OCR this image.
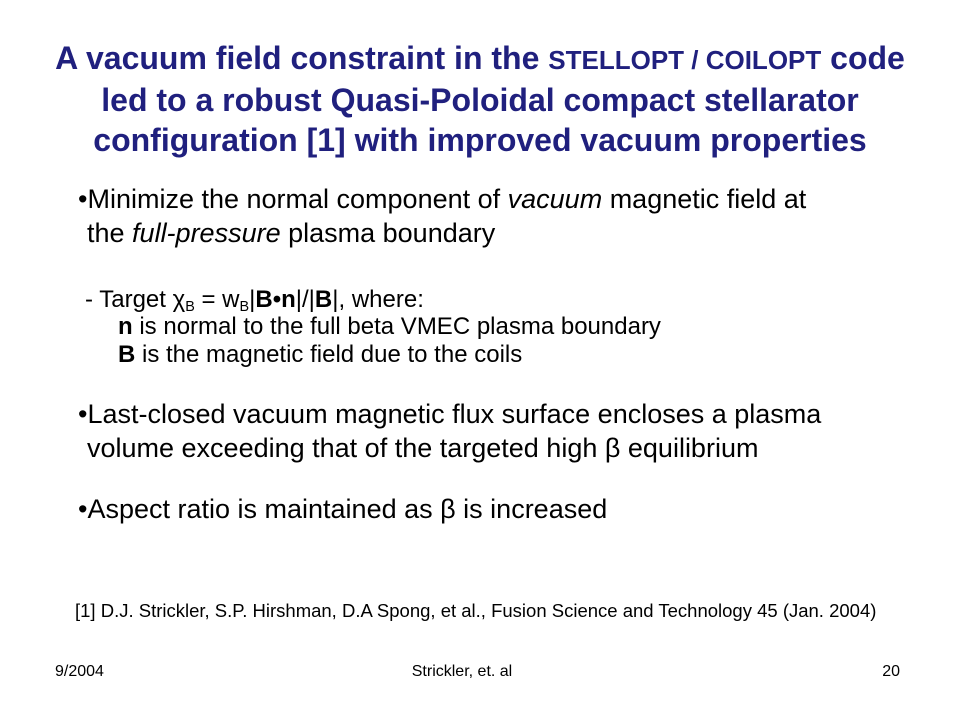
A vacuum field constraint in the STELLOPT / COILOPT code
led to a robust Quasi-Poloidal compact stellarator
configuration [1] with improved vacuum properties
•Minimize the normal component of vacuum magnetic field at
the full-pressure plasma boundary
- Target χB = wB|B•n|/|B|, where:
n is normal to the full beta VMEC plasma boundary
B is the magnetic field due to the coils
•Last-closed vacuum magnetic flux surface encloses a plasma
volume exceeding that of the targeted high β equilibrium
•Aspect ratio is maintained as β is increased
[1] D.J. Strickler, S.P. Hirshman, D.A Spong, et al., Fusion Science and Technology 45 (Jan. 2004)
9/2004	Strickler, et. al	20
